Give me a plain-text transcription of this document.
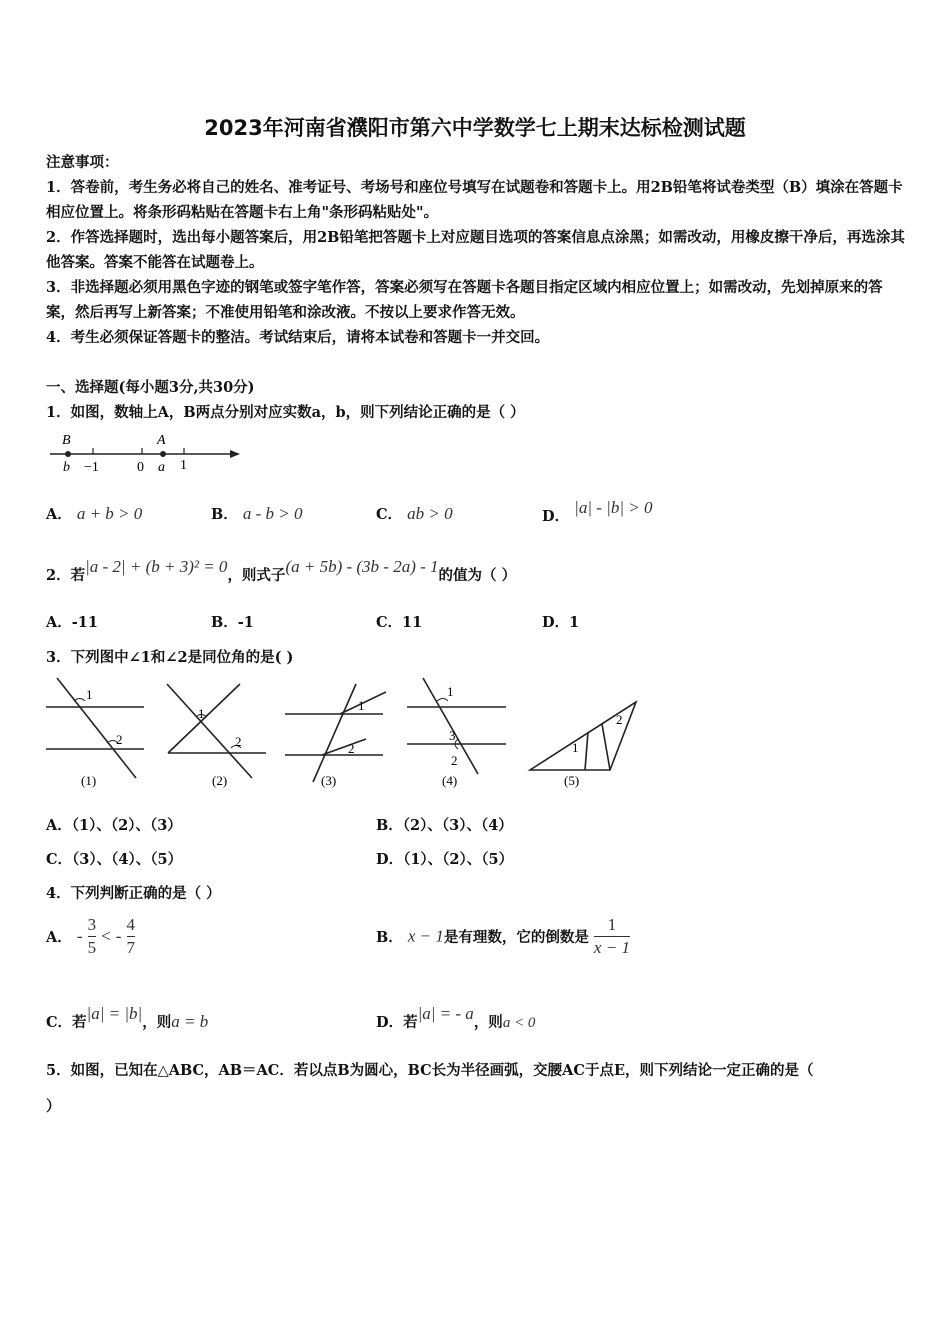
2023年河南省濮阳市第六中学数学七上期末达标检测试题
注意事项：
1．答卷前，考生务必将自己的姓名、准考证号、考场号和座位号填写在试题卷和答题卡上。用2B铅笔将试卷类型（B）填涂在答题卡相应位置上。将条形码粘贴在答题卡右上角"条形码粘贴处"。
2．作答选择题时，选出每小题答案后，用2B铅笔把答题卡上对应题目选项的答案信息点涂黑；如需改动，用橡皮擦干净后，再选涂其他答案。答案不能答在试题卷上。
3．非选择题必须用黑色字迹的钢笔或签字笔作答，答案必须写在答题卡各题目指定区域内相应位置上；如需改动，先划掉原来的答案，然后再写上新答案；不准使用铅笔和涂改液。不按以上要求作答无效。
4．考生必须保证答题卡的整洁。考试结束后，请将本试卷和答题卡一并交回。
一、选择题(每小题3分,共30分)
1．如图，数轴上A，B两点分别对应实数a，b，则下列结论正确的是（ ）
B	A
b −1	0 a 1
A． a + b > 0	B． a - b > 0	C． ab > 0	D． |a| - |b| > 0
2．若|a - 2| + (b + 3)² = 0，则式子(a + 5b) - (3b - 2a) - 1的值为（ ）
A．-11	B．-1	C．11	D．1
3．下列图中∠1和∠2是同位角的是( )
1
2
(1)
1
2
(2)
1
2
(3)
1
3
2
(4)
1
2
(5)
A．（1）、（2）、（3）	B．（2）、（3）、（4）
C．（3）、（4）、（5）	D．（1）、（2）、（5）
4．下列判断正确的是（ ）
A． - $\frac{3}{5}$ < - $\frac{4}{7}$	B． x − 1是有理数，它的倒数是 $\frac{1}{x - 1}$
C．若|a| = |b|，则a = b	D．若|a| = - a，则a < 0
5．如图，已知在△ABC，AB＝AC．若以点B为圆心，BC长为半径画弧，交腰AC于点E，则下列结论一定正确的是（
）
